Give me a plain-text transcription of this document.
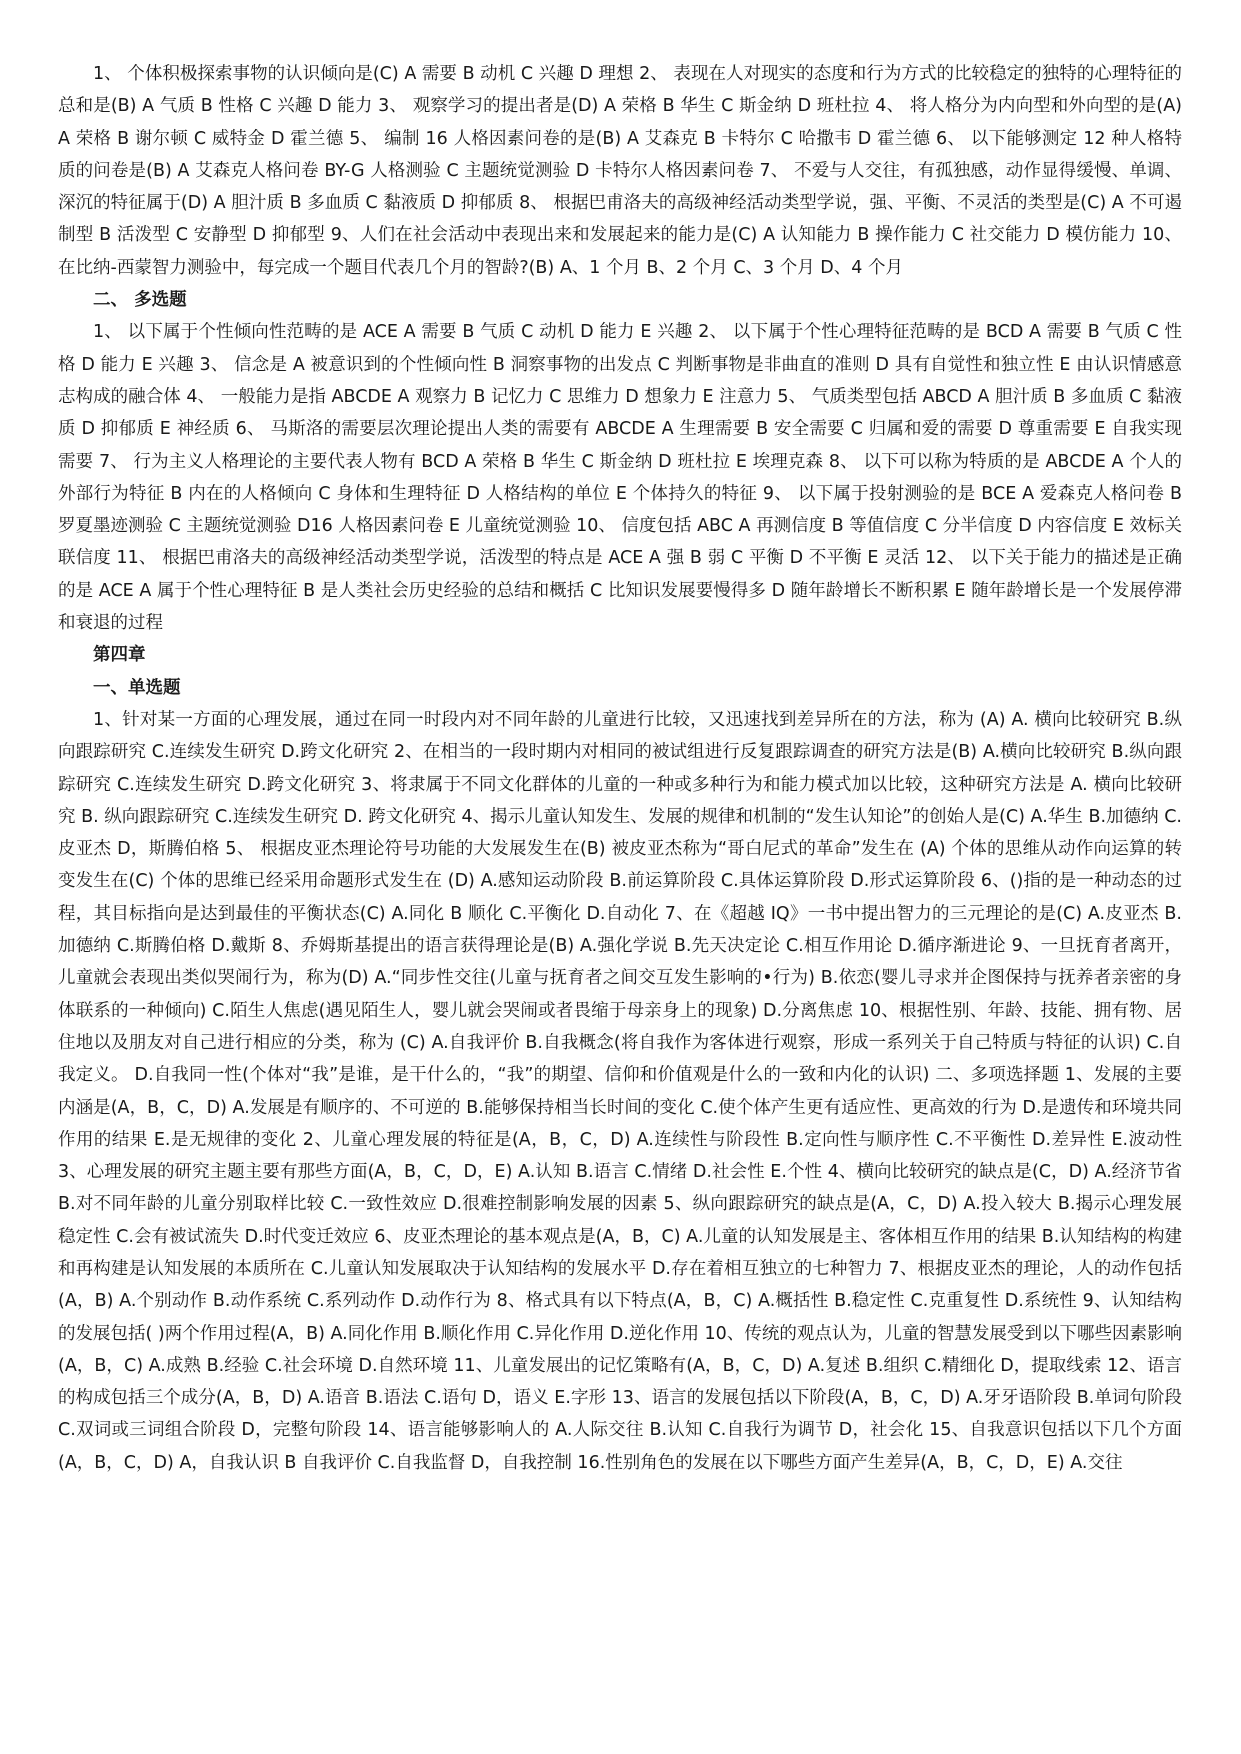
1、 个体积极探索事物的认识倾向是(C) A 需要 B 动机 C 兴趣 D 理想 2、 表现在人对现实的态度和行为方式的比较稳定的独特的心理特征的总和是(B) A 气质 B 性格 C 兴趣 D 能力 3、 观察学习的提出者是(D) A 荣格 B 华生 C 斯金纳 D 班杜拉 4、 将人格分为内向型和外向型的是(A) A 荣格 B 谢尔顿 C 威特金 D 霍兰德 5、 编制 16 人格因素问卷的是(B) A 艾森克 B 卡特尔 C 哈撒韦 D 霍兰德 6、 以下能够测定 12 种人格特质的问卷是(B) A 艾森克人格问卷 BY-G 人格测验 C 主题统觉测验 D 卡特尔人格因素问卷 7、 不爱与人交往，有孤独感，动作显得缓慢、单调、深沉的特征属于(D) A 胆汁质 B 多血质 C 黏液质 D 抑郁质 8、 根据巴甫洛夫的高级神经活动类型学说，强、平衡、不灵活的类型是(C) A 不可遏制型 B 活泼型 C 安静型 D 抑郁型 9、人们在社会活动中表现出来和发展起来的能力是(C) A 认知能力 B 操作能力 C 社交能力 D 模仿能力 10、在比纳-西蒙智力测验中，每完成一个题目代表几个月的智龄?(B) A、1 个月 B、2 个月 C、3 个月 D、4 个月

二、 多选题

1、 以下属于个性倾向性范畴的是 ACE A 需要 B 气质 C 动机 D 能力 E 兴趣 2、 以下属于个性心理特征范畴的是 BCD A 需要 B 气质 C 性格 D 能力 E 兴趣 3、 信念是 A 被意识到的个性倾向性 B 洞察事物的出发点 C 判断事物是非曲直的准则 D 具有自觉性和独立性 E 由认识情感意志构成的融合体 4、 一般能力是指 ABCDE A 观察力 B 记忆力 C 思维力 D 想象力 E 注意力 5、 气质类型包括 ABCD A 胆汁质 B 多血质 C 黏液质 D 抑郁质 E 神经质 6、 马斯洛的需要层次理论提出人类的需要有 ABCDE A 生理需要 B 安全需要 C 归属和爱的需要 D 尊重需要 E 自我实现需要 7、 行为主义人格理论的主要代表人物有 BCD A 荣格 B 华生 C 斯金纳 D 班杜拉 E 埃理克森 8、 以下可以称为特质的是 ABCDE A 个人的外部行为特征 B 内在的人格倾向 C 身体和生理特征 D 人格结构的单位 E 个体持久的特征 9、 以下属于投射测验的是 BCE A 爱森克人格问卷 B 罗夏墨迹测验 C 主题统觉测验 D16 人格因素问卷 E 儿童统觉测验 10、 信度包括 ABC A 再测信度 B 等值信度 C 分半信度 D 内容信度 E 效标关联信度 11、 根据巴甫洛夫的高级神经活动类型学说，活泼型的特点是 ACE A 强 B 弱 C 平衡 D 不平衡 E 灵活 12、 以下关于能力的描述是正确的是 ACE A 属于个性心理特征 B 是人类社会历史经验的总结和概括 C 比知识发展要慢得多 D 随年龄增长不断积累 E 随年龄增长是一个发展停滞和衰退的过程

第四章

一、单选题

1、针对某一方面的心理发展，通过在同一时段内对不同年龄的儿童进行比较，又迅速找到差异所在的方法，称为 (A) A. 横向比较研究 B.纵向跟踪研究 C.连续发生研究 D.跨文化研究 2、在相当的一段时期内对相同的被试组进行反复跟踪调查的研究方法是(B) A.横向比较研究 B.纵向跟踪研究 C.连续发生研究 D.跨文化研究 3、将隶属于不同文化群体的儿童的一种或多种行为和能力模式加以比较，这种研究方法是 A. 横向比较研究 B. 纵向跟踪研究 C.连续发生研究 D. 跨文化研究 4、揭示儿童认知发生、发展的规律和机制的“发生认知论”的创始人是(C) A.华生 B.加德纳 C.皮亚杰 D，斯腾伯格 5、 根据皮亚杰理论符号功能的大发展发生在(B) 被皮亚杰称为“哥白尼式的革命”发生在 (A) 个体的思维从动作向运算的转变发生在(C) 个体的思维已经采用命题形式发生在 (D) A.感知运动阶段 B.前运算阶段 C.具体运算阶段 D.形式运算阶段 6、()指的是一种动态的过程，其目标指向是达到最佳的平衡状态(C) A.同化 B 顺化 C.平衡化 D.自动化 7、在《超越 IQ》一书中提出智力的三元理论的是(C) A.皮亚杰 B.加德纳 C.斯腾伯格 D.戴斯 8、乔姆斯基提出的语言获得理论是(B) A.强化学说 B.先天决定论 C.相互作用论 D.循序渐进论 9、一旦抚育者离开，儿童就会表现出类似哭闹行为，称为(D) A.“同步性交往(儿童与抚育者之间交互发生影响的•行为) B.依恋(婴儿寻求并企图保持与抚养者亲密的身体联系的一种倾向) C.陌生人焦虑(遇见陌生人，婴儿就会哭闹或者畏缩于母亲身上的现象) D.分离焦虑 10、根据性别、年龄、技能、拥有物、居住地以及朋友对自己进行相应的分类，称为 (C) A.自我评价 B.自我概念(将自我作为客体进行观察，形成一系列关于自己特质与特征的认识) C.自我定义。 D.自我同一性(个体对“我”是谁，是干什么的，“我”的期望、信仰和价值观是什么的一致和内化的认识) 二、多项选择题 1、发展的主要内涵是(A，B，C，D) A.发展是有顺序的、不可逆的 B.能够保持相当长时间的变化 C.使个体产生更有适应性、更高效的行为 D.是遗传和环境共同作用的结果 E.是无规律的变化 2、儿童心理发展的特征是(A，B，C，D) A.连续性与阶段性 B.定向性与顺序性 C.不平衡性 D.差异性 E.波动性 3、心理发展的研究主题主要有那些方面(A，B，C，D，E) A.认知 B.语言 C.情绪 D.社会性 E.个性 4、横向比较研究的缺点是(C，D) A.经济节省 B.对不同年龄的儿童分别取样比较 C.一致性效应 D.很难控制影响发展的因素 5、纵向跟踪研究的缺点是(A，C，D) A.投入较大 B.揭示心理发展稳定性 C.会有被试流失 D.时代变迁效应 6、皮亚杰理论的基本观点是(A，B，C) A.儿童的认知发展是主、客体相互作用的结果 B.认知结构的构建和再构建是认知发展的本质所在 C.儿童认知发展取决于认知结构的发展水平 D.存在着相互独立的七种智力 7、根据皮亚杰的理论，人的动作包括(A，B) A.个别动作 B.动作系统 C.系列动作 D.动作行为 8、格式具有以下特点(A，B，C) A.概括性 B.稳定性 C.克重复性 D.系统性 9、认知结构的发展包括( )两个作用过程(A，B) A.同化作用 B.顺化作用 C.异化作用 D.逆化作用 10、传统的观点认为，儿童的智慧发展受到以下哪些因素影响(A，B，C) A.成熟 B.经验 C.社会环境 D.自然环境 11、儿童发展出的记忆策略有(A，B，C，D) A.复述 B.组织 C.精细化 D，提取线索 12、语言的构成包括三个成分(A，B，D) A.语音 B.语法 C.语句 D，语义 E.字形 13、语言的发展包括以下阶段(A，B，C，D) A.牙牙语阶段 B.单词句阶段 C.双词或三词组合阶段 D，完整句阶段 14、语言能够影响人的 A.人际交往 B.认知 C.自我行为调节 D，社会化 15、自我意识包括以下几个方面(A，B，C，D) A，自我认识 B 自我评价 C.自我监督 D，自我控制 16.性别角色的发展在以下哪些方面产生差异(A，B，C，D，E) A.交往
